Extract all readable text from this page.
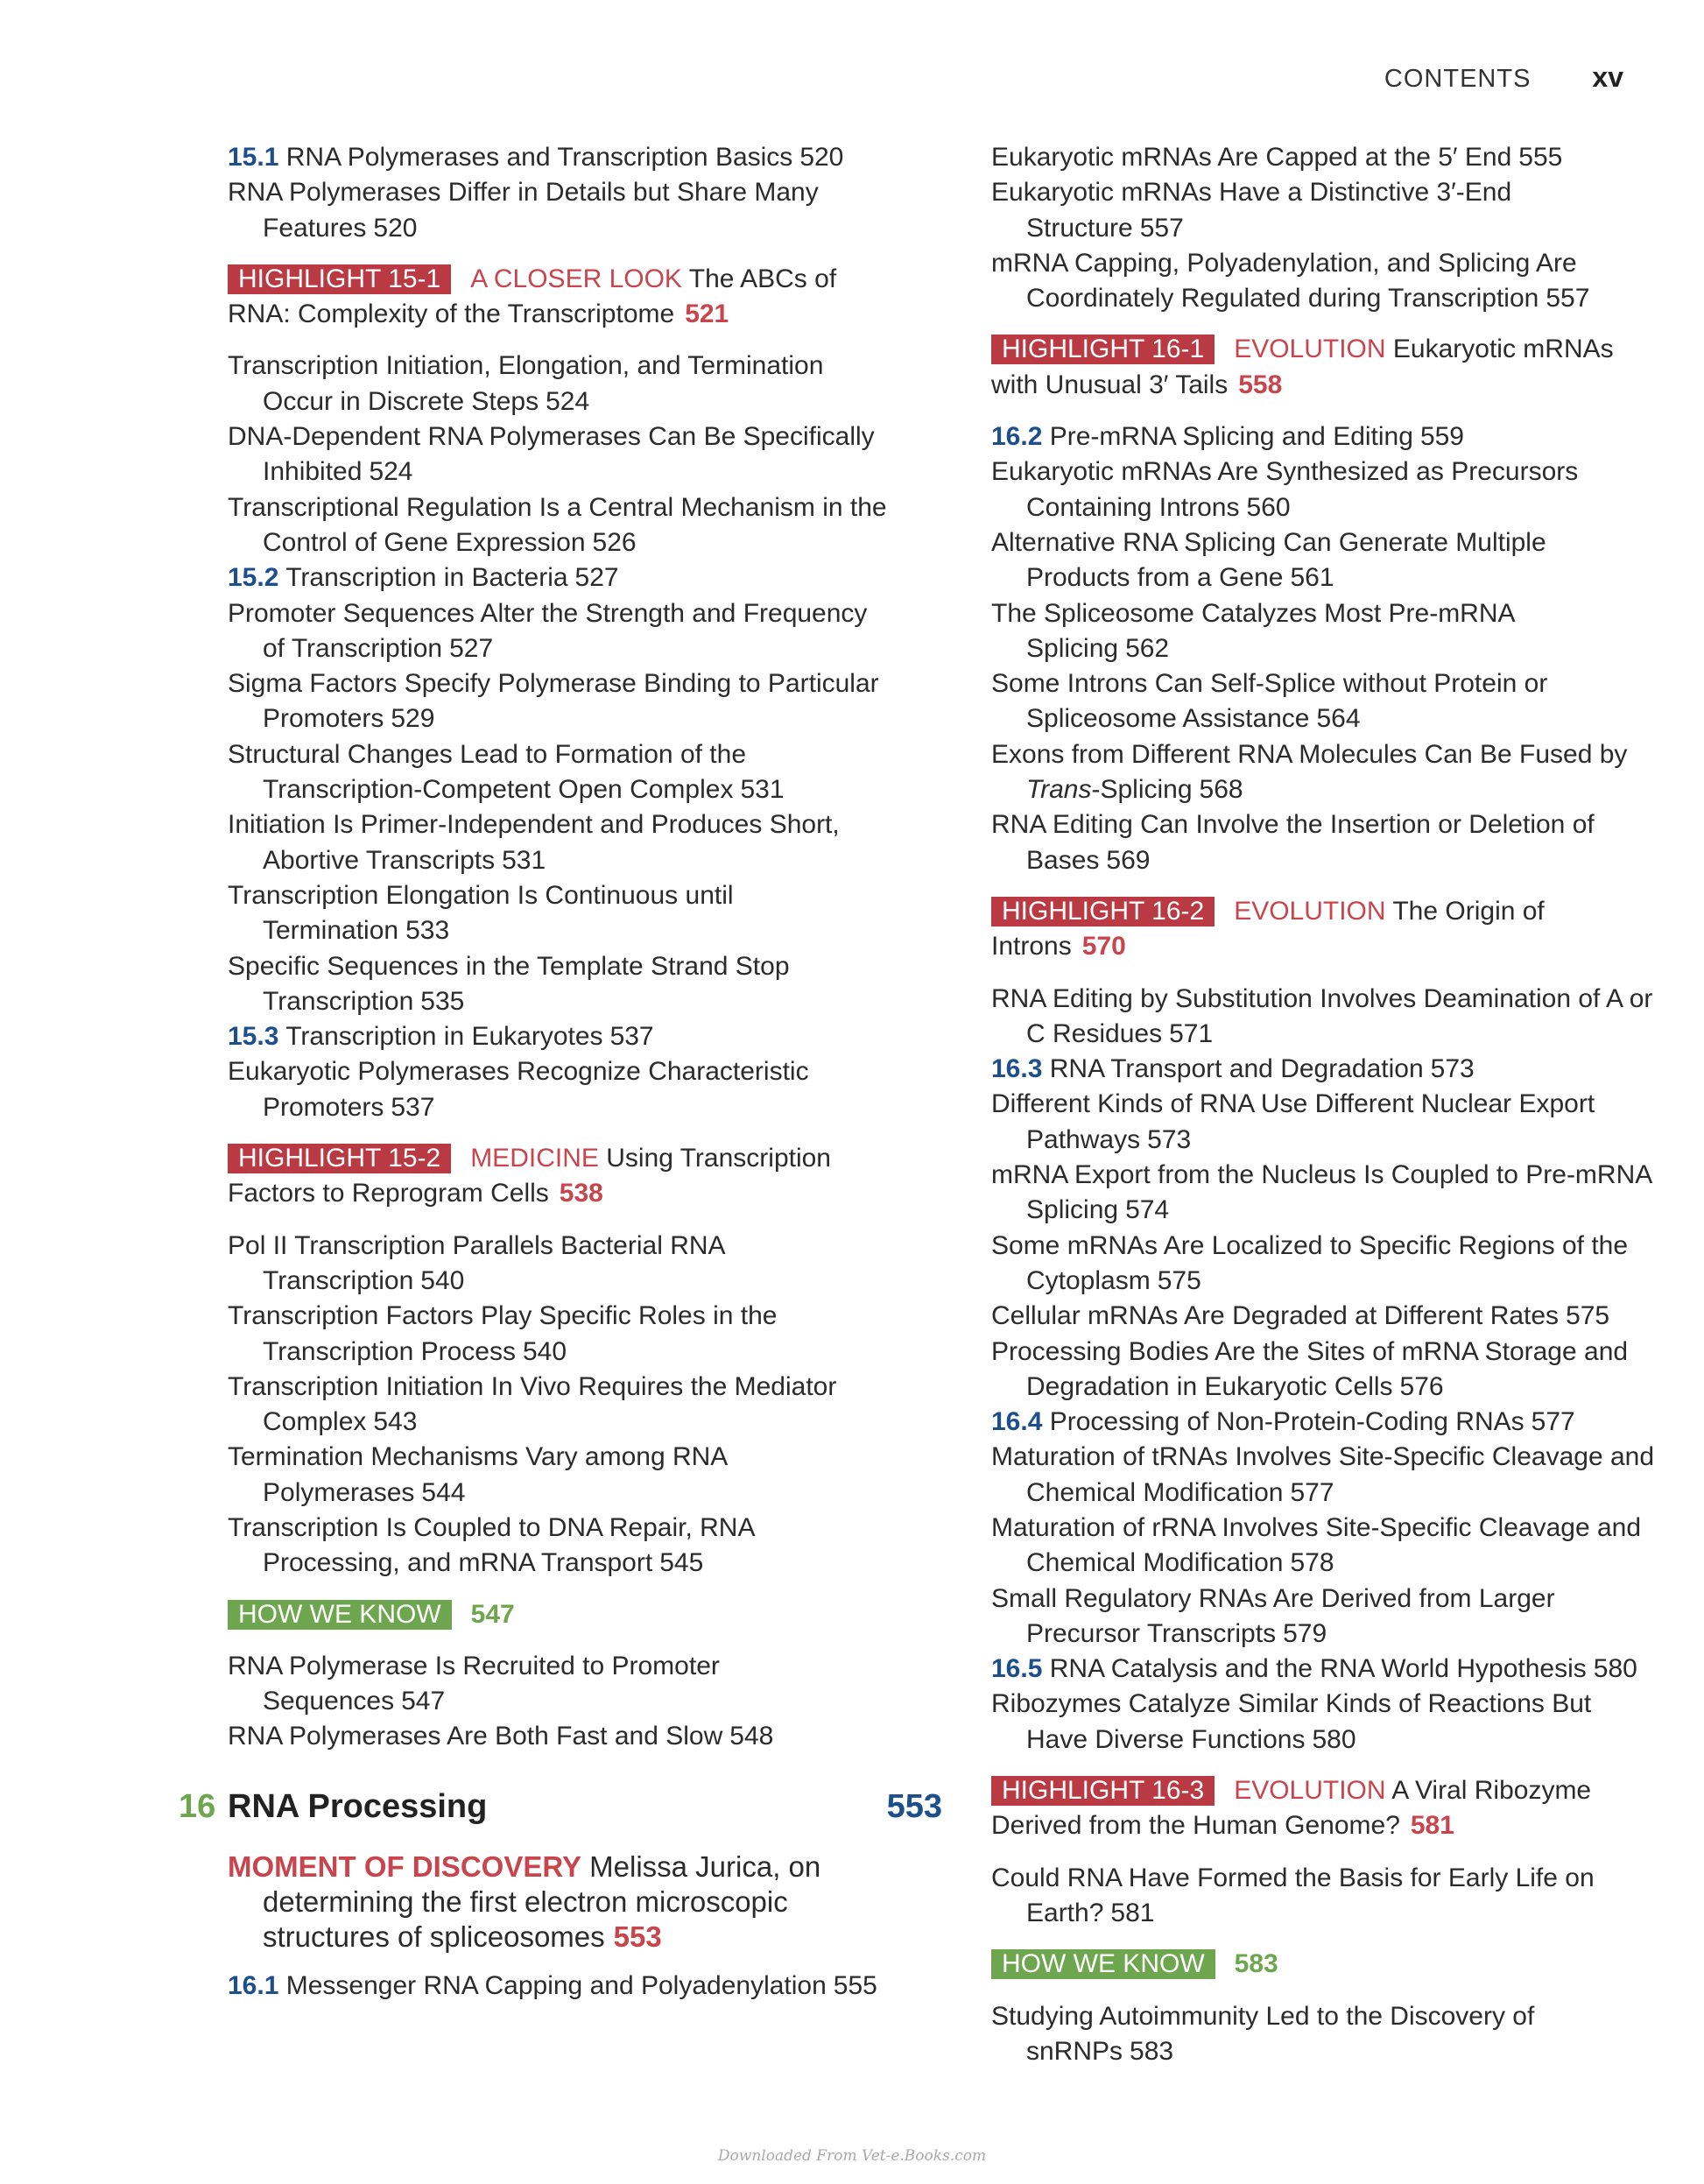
CONTENTS xv

15.1 RNA Polymerases and Transcription Basics 520

RNA Polymerases Differ in Details but Share Many Features 520

HIGHLIGHT 15-1 A CLOSER LOOK The ABCs of RNA: Complexity of the Transcriptome 521

Transcription Initiation, Elongation, and Termination Occur in Discrete Steps 524

DNA-Dependent RNA Polymerases Can Be Specifically Inhibited 524

Transcriptional Regulation Is a Central Mechanism in the Control of Gene Expression 526

15.2 Transcription in Bacteria 527

Promoter Sequences Alter the Strength and Frequency of Transcription 527

Sigma Factors Specify Polymerase Binding to Particular Promoters 529

Structural Changes Lead to Formation of the Transcription-Competent Open Complex 531

Initiation Is Primer-Independent and Produces Short, Abortive Transcripts 531

Transcription Elongation Is Continuous until Termination 533

Specific Sequences in the Template Strand Stop Transcription 535

15.3 Transcription in Eukaryotes 537

Eukaryotic Polymerases Recognize Characteristic Promoters 537

HIGHLIGHT 15-2 MEDICINE Using Transcription Factors to Reprogram Cells 538

Pol II Transcription Parallels Bacterial RNA Transcription 540

Transcription Factors Play Specific Roles in the Transcription Process 540

Transcription Initiation In Vivo Requires the Mediator Complex 543

Termination Mechanisms Vary among RNA Polymerases 544

Transcription Is Coupled to DNA Repair, RNA Processing, and mRNA Transport 545

HOW WE KNOW 547

RNA Polymerase Is Recruited to Promoter Sequences 547

RNA Polymerases Are Both Fast and Slow 548

16 RNA Processing	553

MOMENT OF DISCOVERY Melissa Jurica, on determining the first electron microscopic structures of spliceosomes 553

16.1 Messenger RNA Capping and Polyadenylation 555

Eukaryotic mRNAs Are Capped at the 5′ End 555

Eukaryotic mRNAs Have a Distinctive 3′-End Structure 557

mRNA Capping, Polyadenylation, and Splicing Are Coordinately Regulated during Transcription 557

HIGHLIGHT 16-1 EVOLUTION Eukaryotic mRNAs with Unusual 3′ Tails 558

16.2 Pre-mRNA Splicing and Editing 559

Eukaryotic mRNAs Are Synthesized as Precursors Containing Introns 560

Alternative RNA Splicing Can Generate Multiple Products from a Gene 561

The Spliceosome Catalyzes Most Pre-mRNA Splicing 562

Some Introns Can Self-Splice without Protein or Spliceosome Assistance 564

Exons from Different RNA Molecules Can Be Fused by Trans-Splicing 568

RNA Editing Can Involve the Insertion or Deletion of Bases 569

HIGHLIGHT 16-2 EVOLUTION The Origin of Introns 570

RNA Editing by Substitution Involves Deamination of A or C Residues 571

16.3 RNA Transport and Degradation 573

Different Kinds of RNA Use Different Nuclear Export Pathways 573

mRNA Export from the Nucleus Is Coupled to Pre-mRNA Splicing 574

Some mRNAs Are Localized to Specific Regions of the Cytoplasm 575

Cellular mRNAs Are Degraded at Different Rates 575

Processing Bodies Are the Sites of mRNA Storage and Degradation in Eukaryotic Cells 576

16.4 Processing of Non-Protein-Coding RNAs 577

Maturation of tRNAs Involves Site-Specific Cleavage and Chemical Modification 577

Maturation of rRNA Involves Site-Specific Cleavage and Chemical Modification 578

Small Regulatory RNAs Are Derived from Larger Precursor Transcripts 579

16.5 RNA Catalysis and the RNA World Hypothesis 580

Ribozymes Catalyze Similar Kinds of Reactions But Have Diverse Functions 580

HIGHLIGHT 16-3 EVOLUTION A Viral Ribozyme Derived from the Human Genome? 581

Could RNA Have Formed the Basis for Early Life on Earth? 581

HOW WE KNOW 583

Studying Autoimmunity Led to the Discovery of snRNPs 583

Downloaded From Vet-e.Books.com
